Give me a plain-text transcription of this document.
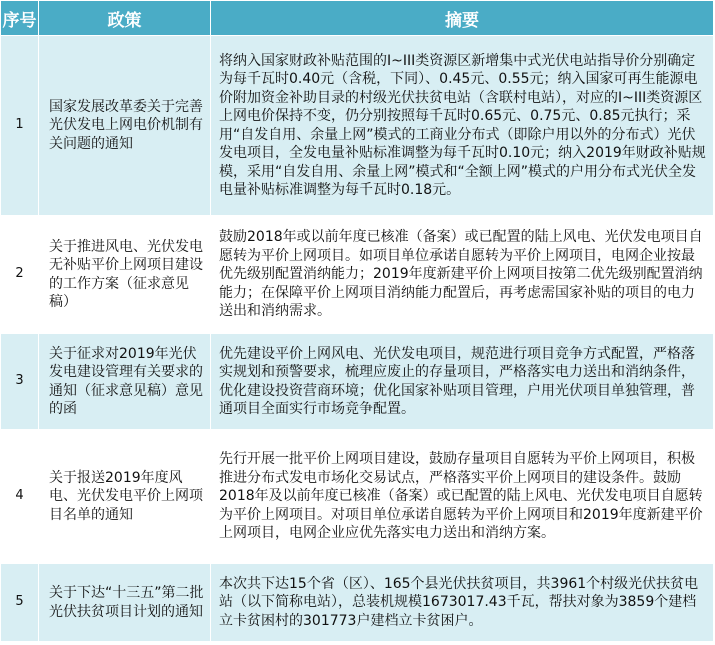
序号	政策	摘要
1	国家发展改革委关于完善光伏发电上网电价机制有关问题的通知	将纳入国家财政补贴范围的I~III类资源区新增集中式光伏电站指导价分别确定为每千瓦时0.40元（含税，下同）、0.45元、0.55元；纳入国家可再生能源电价附加资金补助目录的村级光伏扶贫电站（含联村电站），对应的I~III类资源区上网电价保持不变，仍分别按照每千瓦时0.65元、0.75元、0.85元执行；采用“自发自用、余量上网”模式的工商业分布式（即除户用以外的分布式）光伏发电项目，全发电量补贴标准调整为每千瓦时0.10元；纳入2019年财政补贴规模，采用“自发自用、余量上网”模式和“全额上网”模式的户用分布式光伏全发电量补贴标准调整为每千瓦时0.18元。
2	关于推进风电、光伏发电无补贴平价上网项目建设的工作方案（征求意见稿）	鼓励2018年或以前年度已核准（备案）或已配置的陆上风电、光伏发电项目自愿转为平价上网项目。如项目单位承诺自愿转为平价上网项目，电网企业按最优先级别配置消纳能力；2019年度新建平价上网项目按第二优先级别配置消纳能力；在保障平价上网项目消纳能力配置后，再考虑需国家补贴的项目的电力送出和消纳需求。
3	关于征求对2019年光伏发电建设管理有关要求的通知（征求意见稿）意见的函	优先建设平价上网风电、光伏发电项目，规范进行项目竞争方式配置，严格落实规划和预警要求，梳理应废止的存量项目，严格落实电力送出和消纳条件，优化建设投资营商环境；优化国家补贴项目管理，户用光伏项目单独管理，普通项目全面实行市场竞争配置。
4	关于报送2019年度风电、光伏发电平价上网项目名单的通知	先行开展一批平价上网项目建设，鼓励存量项目自愿转为平价上网项目，积极推进分布式发电市场化交易试点，严格落实平价上网项目的建设条件。鼓励2018年及以前年度已核准（备案）或已配置的陆上风电、光伏发电项目自愿转为平价上网项目。对项目单位承诺自愿转为平价上网项目和2019年度新建平价上网项目，电网企业应优先落实电力送出和消纳方案。
5	关于下达“十三五”第二批光伏扶贫项目计划的通知	本次共下达15个省（区）、165个县光伏扶贫项目，共3961个村级光伏扶贫电站（以下简称电站），总装机规模1673017.43千瓦，帮扶对象为3859个建档立卡贫困村的301773户建档立卡贫困户。
